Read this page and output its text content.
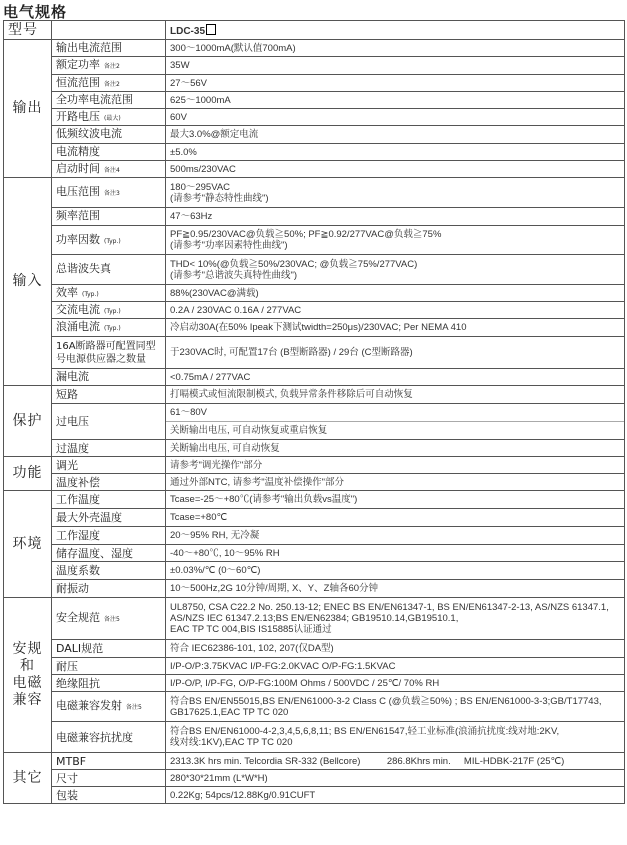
电气规格
型号		LDC-35
输出	输出电流范围	300～1000mA(默认值700mA)
	额定功率 备注2	35W
	恒流范围 备注2	27～56V
	全功率电流范围	625～1000mA
	开路电压 (最大)	60V
	低频纹波电流	最大3.0%@额定电流
	电流精度	±5.0%
	启动时间 备注4	500ms/230VAC
输入	电压范围 备注3	180～295VAC
(请参考"静态特性曲线")

	频率范围	47～63Hz
	功率因数 (Typ.)	PF≧0.95/230VAC@负载≧50%; PF≧0.92/277VAC@负载≧75%
(请参考"功率因素特性曲线")

	总谐波失真	THD< 10%(@负载≧50%/230VAC; @负载≧75%/277VAC)
(请参考"总谐波失真特性曲线")

	效率 (Typ.)	88%(230VAC@满载)
	交流电流 (Typ.)	0.2A / 230VAC 0.16A / 277VAC
	浪涌电流 (Typ.)	冷启动30A(在50% Ipeak下测试twidth=250μs)/230VAC; Per NEMA 410

	16A断路器可配置同型
号电源供应器之数量	于230VAC时, 可配置17台 (B型断路器) / 29台 (C型断路器)
	漏电流	<0.75mA / 277VAC
保护	短路	打嗝模式或恒流限制模式, 负载异常条件移除后可自动恢复
	过电压	61～80V
关断输出电压, 可自动恢复或重启恢复

	过温度	关断输出电压, 可自动恢复
功能	调光	请参考"调光操作"部分
	温度补偿	通过外部NTC, 请参考"温度补偿操作"部分
环境	工作温度	Tcase=-25～+80℃(请参考"输出负载vs温度")
	最大外壳温度	Tcase=+80℃
	工作湿度	20～95% RH, 无冷凝
	储存温度、湿度	-40～+80℃, 10～95% RH
	温度系数	±0.03%/℃ (0～60℃)
	耐振动	10～500Hz,2G 10分钟/周期, X、Y、Z轴各60分钟
安规
和
电磁
兼容	安全规范 备注5	UL8750, CSA C22.2 No. 250.13-12; ENEC BS EN/EN61347-1, BS EN/EN61347-2-13, AS/NZS 61347.1,
AS/NZS IEC 61347.2.13;BS EN/EN62384; GB19510.14,GB19510.1,
EAC TP TC 004,BIS IS15885认证通过

	DALI规范	符合 IEC62386-101, 102, 207(仅DA型)
	耐压	I/P-O/P:3.75KVAC I/P-FG:2.0KVAC O/P-FG:1.5KVAC
	绝缘阻抗	I/P-O/P, I/P-FG, O/P-FG:100M Ohms / 500VDC / 25℃/ 70% RH
	电磁兼容发射 备注5	符合BS EN/EN55015,BS EN/EN61000-3-2 Class C (@负载≧50%) ; BS EN/EN61000-3-3;GB/T17743,
GB17625.1,EAC TP TC 020

	电磁兼容抗扰度	符合BS EN/EN61000-4-2,3,4,5,6,8,11; BS EN/EN61547,轻工业标准(浪涌抗扰度:线对地:2KV,
线对线:1KV),EAC TP TC 020

其它	MTBF	2313.3K hrs min. Telcordia SR-332 (Bellcore)          286.8Khrs min.     MIL-HDBK-217F (25℃)
	尺寸	280*30*21mm (L*W*H)
	包装	0.22Kg; 54pcs/12.88Kg/0.91CUFT
